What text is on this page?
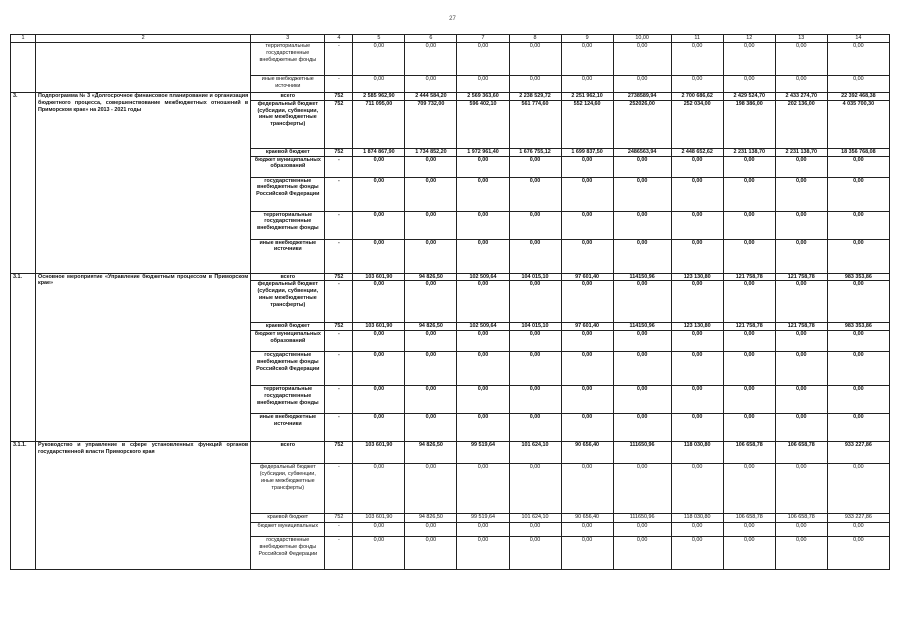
27
1	2	3	4	5	6	7	8	9	10,00	11	12	13	14
		территориальные государственные внебюджетные фонды	-	0,00	0,00	0,00	0,00	0,00	0,00	0,00	0,00	0,00	0,00
		иные внебюджетные источники	-	0,00	0,00	0,00	0,00	0,00	0,00	0,00	0,00	0,00	0,00
3.	Подпрограмма № 3 «Долгосрочное финансовое планирование и организация бюджетного процесса, совершенствование межбюджетных отношений в Приморском крае» на 2013 - 2021 годы	всего	752	2 585 962,90	2 444 584,20	2 569 363,60	2 238 529,72	2 251 962,10	2738589,94	2 700 686,62	2 429 524,70	2 433 274,70	22 392 468,38
		федеральный бюджет (субсидии, субвенции, иные межбюджетные трансферты)	752	711 095,00	709 732,00	596 402,10	561 774,60	552 124,60	252026,00	252 034,00	198 386,00	202 136,00	4 035 700,30
		краевой бюджет	752	1 874 867,90	1 734 852,20	1 972 961,40	1 676 755,12	1 699 837,50	2486563,94	2 448 652,62	2 231 138,70	2 231 138,70	18 356 768,08
		бюджет муниципальных образований	-	0,00	0,00	0,00	0,00	0,00	0,00	0,00	0,00	0,00	0,00
		государственные внебюджетные фонды Российской Федерации	-	0,00	0,00	0,00	0,00	0,00	0,00	0,00	0,00	0,00	0,00
		территориальные государственные внебюджетные фонды	-	0,00	0,00	0,00	0,00	0,00	0,00	0,00	0,00	0,00	0,00
		иные внебюджетные источники	-	0,00	0,00	0,00	0,00	0,00	0,00	0,00	0,00	0,00	0,00
3.1.	Основное мероприятие «Управление бюджетным процессом в Приморском крае»	всего	752	103 601,90	94 826,50	102 509,64	104 015,10	97 601,40	114150,96	123 130,80	121 758,78	121 758,78	983 353,86
		федеральный бюджет (субсидии, субвенции, иные межбюджетные трансферты)	-	0,00	0,00	0,00	0,00	0,00	0,00	0,00	0,00	0,00	0,00
		краевой бюджет	752	103 601,90	94 826,50	102 509,64	104 015,10	97 601,40	114150,96	123 130,80	121 758,78	121 758,78	983 353,86
		бюджет муниципальных образований	-	0,00	0,00	0,00	0,00	0,00	0,00	0,00	0,00	0,00	0,00
		государственные внебюджетные фонды Российской Федерации	-	0,00	0,00	0,00	0,00	0,00	0,00	0,00	0,00	0,00	0,00
		территориальные государственные внебюджетные фонды	-	0,00	0,00	0,00	0,00	0,00	0,00	0,00	0,00	0,00	0,00
		иные внебюджетные источники	-	0,00	0,00	0,00	0,00	0,00	0,00	0,00	0,00	0,00	0,00
3.1.1.	Руководство и управление в сфере установленных функций органов государственной власти Приморского края	всего	752	103 601,90	94 826,50	99 519,64	101 624,10	90 656,40	111650,96	118 030,80	106 658,78	106 658,78	933 227,86
		федеральный бюджет (субсидии, субвенции, иные межбюджетные трансферты)	-	0,00	0,00	0,00	0,00	0,00	0,00	0,00	0,00	0,00	0,00
		краевой бюджет	752	103 601,90	94 826,50	99 519,64	101 624,10	90 656,40	111650,96	118 030,80	106 658,78	106 658,78	933 227,86
		бюджет муниципальных	-	0,00	0,00	0,00	0,00	0,00	0,00	0,00	0,00	0,00	0,00
		государственные внебюджетные фонды Российской Федерации	-	0,00	0,00	0,00	0,00	0,00	0,00	0,00	0,00	0,00	0,00
